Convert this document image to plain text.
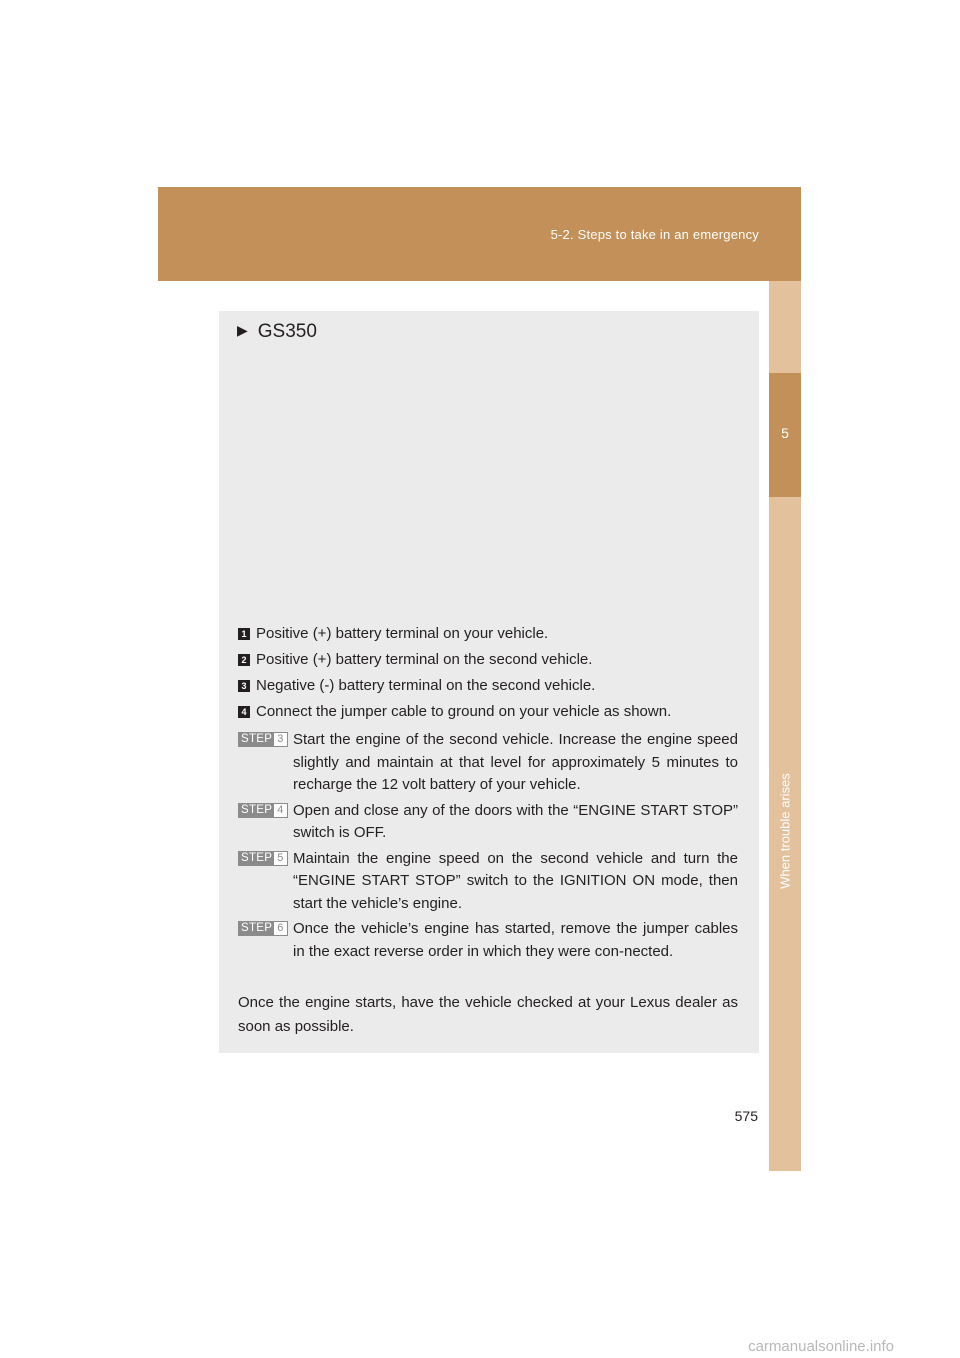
5-2. Steps to take in an emergency
5
When trouble arises
▶ GS350
1 Positive (+) battery terminal on your vehicle.
2 Positive (+) battery terminal on the second vehicle.
3 Negative (-) battery terminal on the second vehicle.
4 Connect the jumper cable to ground on your vehicle as shown.
STEP 3 Start the engine of the second vehicle. Increase the engine speed slightly and maintain at that level for approximately 5 minutes to recharge the 12 volt battery of your vehicle.
STEP 4 Open and close any of the doors with the “ENGINE START STOP” switch is OFF.
STEP 5 Maintain the engine speed on the second vehicle and turn the “ENGINE START STOP” switch to the IGNITION ON mode, then start the vehicle’s engine.
STEP 6 Once the vehicle’s engine has started, remove the jumper cables in the exact reverse order in which they were con-nected.
Once the engine starts, have the vehicle checked at your Lexus dealer as soon as possible.
575
carmanualsonline.info
